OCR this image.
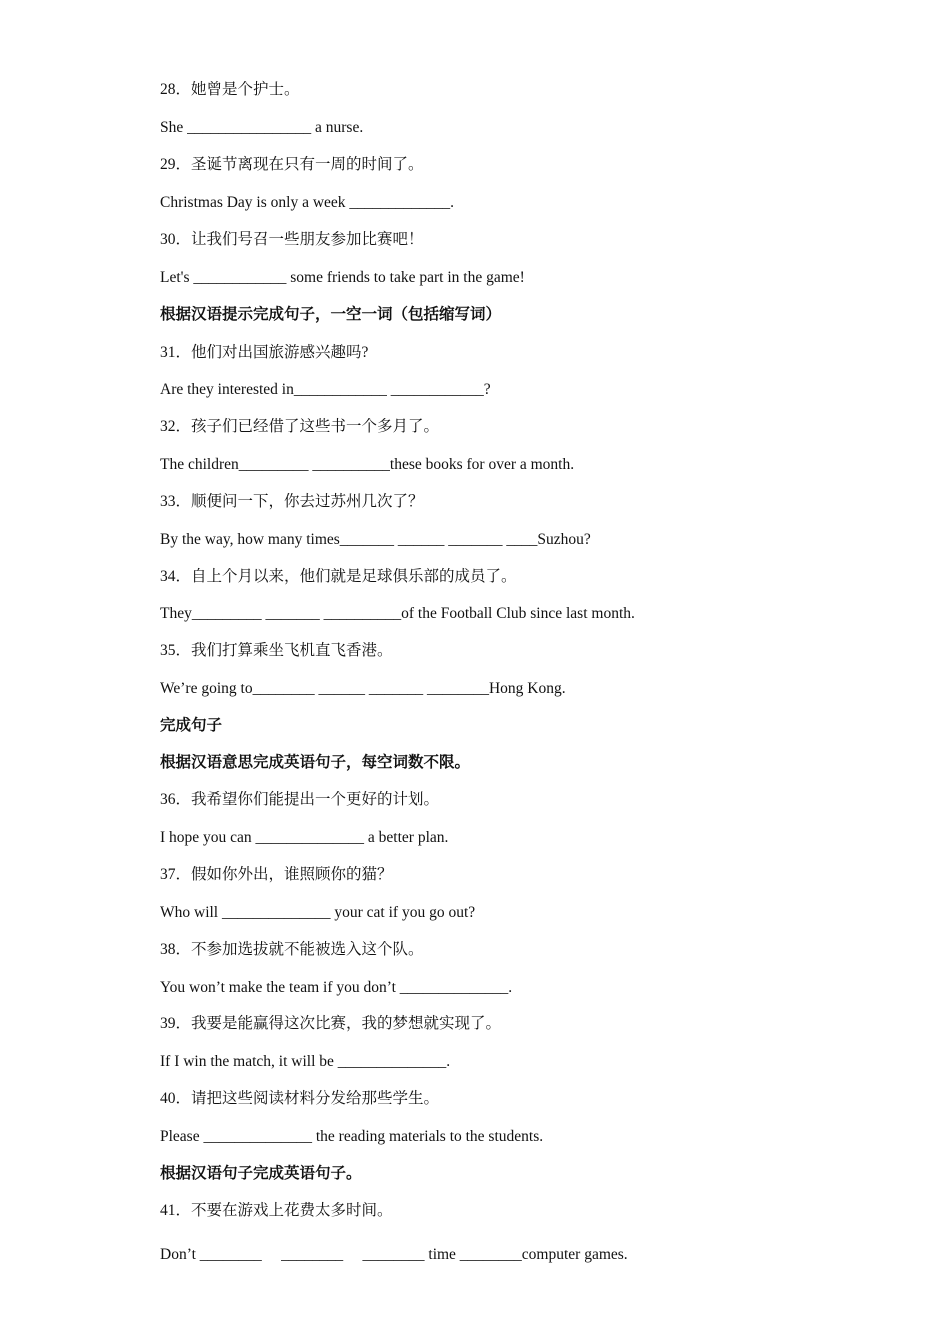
28．她曾是个护士。
She ________________ a nurse.
29．圣诞节离现在只有一周的时间了。
Christmas Day is only a week _____________.
30．让我们号召一些朋友参加比赛吧！
Let's ____________ some friends to take part in the game!
根据汉语提示完成句子，一空一词（包括缩写词）
31．他们对出国旅游感兴趣吗?
Are they interested in____________ ____________?
32．孩子们已经借了这些书一个多月了。
The children_________ __________these books for over a month.
33．顺便问一下，你去过苏州几次了？
By the way, how many times_______ ______ _______ ____Suzhou?
34．自上个月以来，他们就是足球俱乐部的成员了。
They_________ _______ __________of the Football Club since last month.
35．我们打算乘坐飞机直飞香港。
We’re going to________ ______ _______ ________Hong Kong.
完成句子
根据汉语意思完成英语句子，每空词数不限。
36．我希望你们能提出一个更好的计划。
I hope you can ______________ a better plan.
37．假如你外出，谁照顾你的猫？
Who will ______________ your cat if you go out?
38．不参加选拔就不能被选入这个队。
You won’t make the team if you don’t ______________.
39．我要是能赢得这次比赛，我的梦想就实现了。
If I win the match, it will be ______________.
40．请把这些阅读材料分发给那些学生。
Please ______________ the reading materials to the students.
根据汉语句子完成英语句子。
41．不要在游戏上花费太多时间。
Don’t ________     ________     ________ time ________computer games.
